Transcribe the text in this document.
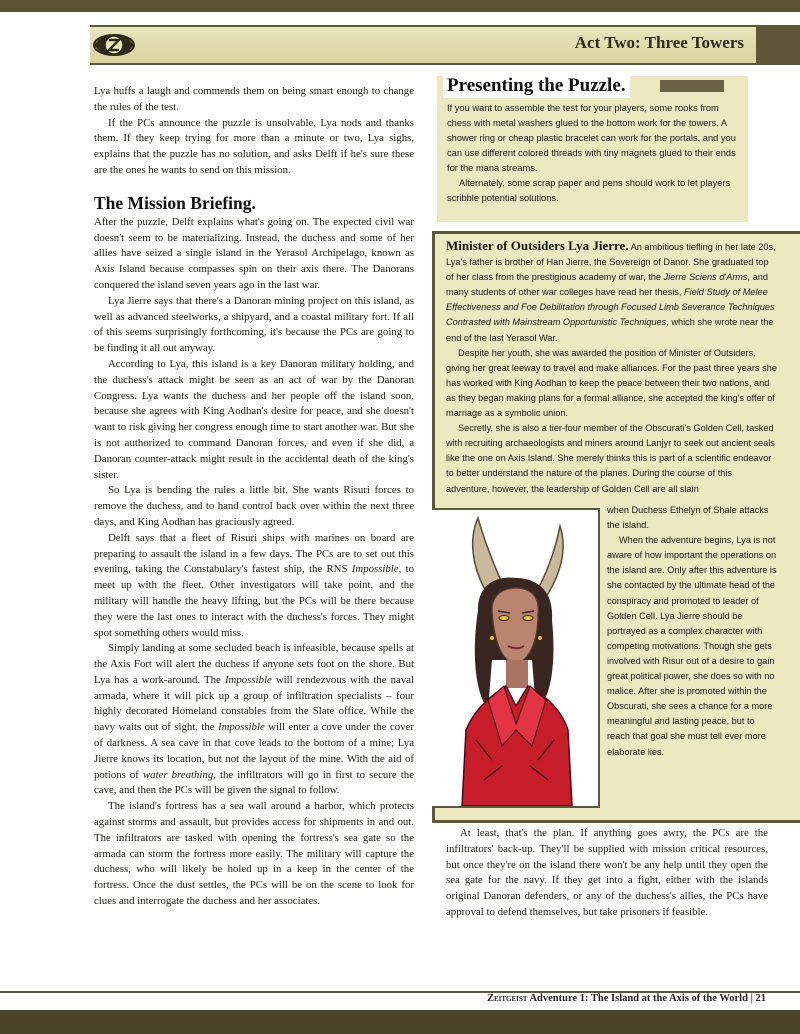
Act Two: Three Towers

Lya huffs a laugh and commends them on being smart enough to change the rules of the test.

If the PCs announce the puzzle is unsolvable, Lya nods and thanks them. If they keep trying for more than a minute or two, Lya sighs, explains that the puzzle has no solution, and asks Delft if he's sure these are the ones he wants to send on this mission.

The Mission Briefing.

After the puzzle, Delft explains what's going on. The expected civil war doesn't seem to be materializing. Instead, the duchess and some of her allies have seized a single island in the Yerasol Archipelago, known as Axis Island because compasses spin on their axis there. The Danorans conquered the island seven years ago in the last war.

Lya Jierre says that there's a Danoran mining project on this island, as well as advanced steelworks, a shipyard, and a coastal military fort. If all of this seems surprisingly forthcoming, it's because the PCs are going to be finding it all out anyway.

According to Lya, this island is a key Danoran military holding, and the duchess's attack might be seen as an act of war by the Danoran Congress. Lya wants the duchess and her people off the island soon, because she agrees with King Aodhan's desire for peace, and she doesn't want to risk giving her congress enough time to start another war. But she is not authorized to command Danoran forces, and even if she did, a Danoran counter-attack might result in the accidental death of the king's sister.

So Lya is bending the rules a little bit. She wants Risuri forces to remove the duchess, and to hand control back over within the next three days, and King Aodhan has graciously agreed.

Delft says that a fleet of Risuri ships with marines on board are preparing to assault the island in a few days. The PCs are to set out this evening, taking the Constabulary's fastest ship, the RNS Impossible, to meet up with the fleet. Other investigators will take point, and the military will handle the heavy lifting, but the PCs will be there because they were the last ones to interact with the duchess's forces. They might spot something others would miss.

Simply landing at some secluded beach is infeasible, because spells at the Axis Fort will alert the duchess if anyone sets foot on the shore. But Lya has a work-around. The Impossible will rendezvous with the naval armada, where it will pick up a group of infiltration specialists – four highly decorated Homeland constables from the Slate office. While the navy waits out of sight, the Impossible will enter a cove under the cover of darkness. A sea cave in that cove leads to the bottom of a mine; Lya Jierre knows its location, but not the layout of the mine. With the aid of potions of water breathing, the infiltrators will go in first to secure the cave, and then the PCs will be given the signal to follow.

The island's fortress has a sea wall around a harbor, which protects against storms and assault, but provides access for shipments in and out. The infiltrators are tasked with opening the fortress's sea gate so the armada can storm the fortress more easily. The military will capture the duchess, who will likely be holed up in a keep in the center of the fortress. Once the dust settles, the PCs will be on the scene to look for clues and interrogate the duchess and her associates.

Presenting the Puzzle.

If you want to assemble the test for your players, some rooks from chess with metal washers glued to the bottom work for the towers. A shower ring or cheap plastic bracelet can work for the portals, and you can use different colored threads with tiny magnets glued to their ends for the mana streams.

Alternately, some scrap paper and pens should work to let players scribble potential solutions.

Minister of Outsiders Lya Jierre. An ambitious tiefling in her late 20s, Lya's father is brother of Han Jierre, the Sovereign of Danor. She graduated top of her class from the prestigious academy of war, the Jierre Sciens d'Arms, and many students of other war colleges have read her thesis, Field Study of Melee Effectiveness and Foe Debilitation through Focused Limb Severance Techniques Contrasted with Mainstream Opportunistic Techniques, which she wrote near the end of the last Yerasol War.

Despite her youth, she was awarded the position of Minister of Outsiders, giving her great leeway to travel and make alliances. For the past three years she has worked with King Aodhan to keep the peace between their two nations, and as they began making plans for a formal alliance, she accepted the king's offer of marriage as a symbolic union.

Secretly, she is also a tier-four member of the Obscurati's Golden Cell, tasked with recruiting archaeologists and miners around Lanjyr to seek out ancient seals like the one on Axis Island. She merely thinks this is part of a scientific endeavor to better understand the nature of the planes. During the course of this adventure, however, the leadership of Golden Cell are all slain

when Duchess Ethelyn of Shale attacks the island.

When the adventure begins, Lya is not aware of how important the operations on the island are. Only after this adventure is she contacted by the ultimate head of the conspiracy and promoted to leader of Golden Cell. Lya Jierre should be portrayed as a complex character with competing motivations. Though she gets involved with Risur out of a desire to gain great political power, she does so with no malice. After she is promoted within the Obscurati, she sees a chance for a more meaningful and lasting peace, but to reach that goal she must tell ever more elaborate lies.

At least, that's the plan. If anything goes awry, the PCs are the infiltrators' back-up. They'll be supplied with mission critical resources, but once they're on the island there won't be any help until they open the sea gate for the navy. If they get into a fight, either with the islands original Danoran defenders, or any of the duchess's allies, the PCs have approval to defend themselves, but take prisoners if feasible.

Zeitgeist Adventure 1: The Island at the Axis of the World | 21
